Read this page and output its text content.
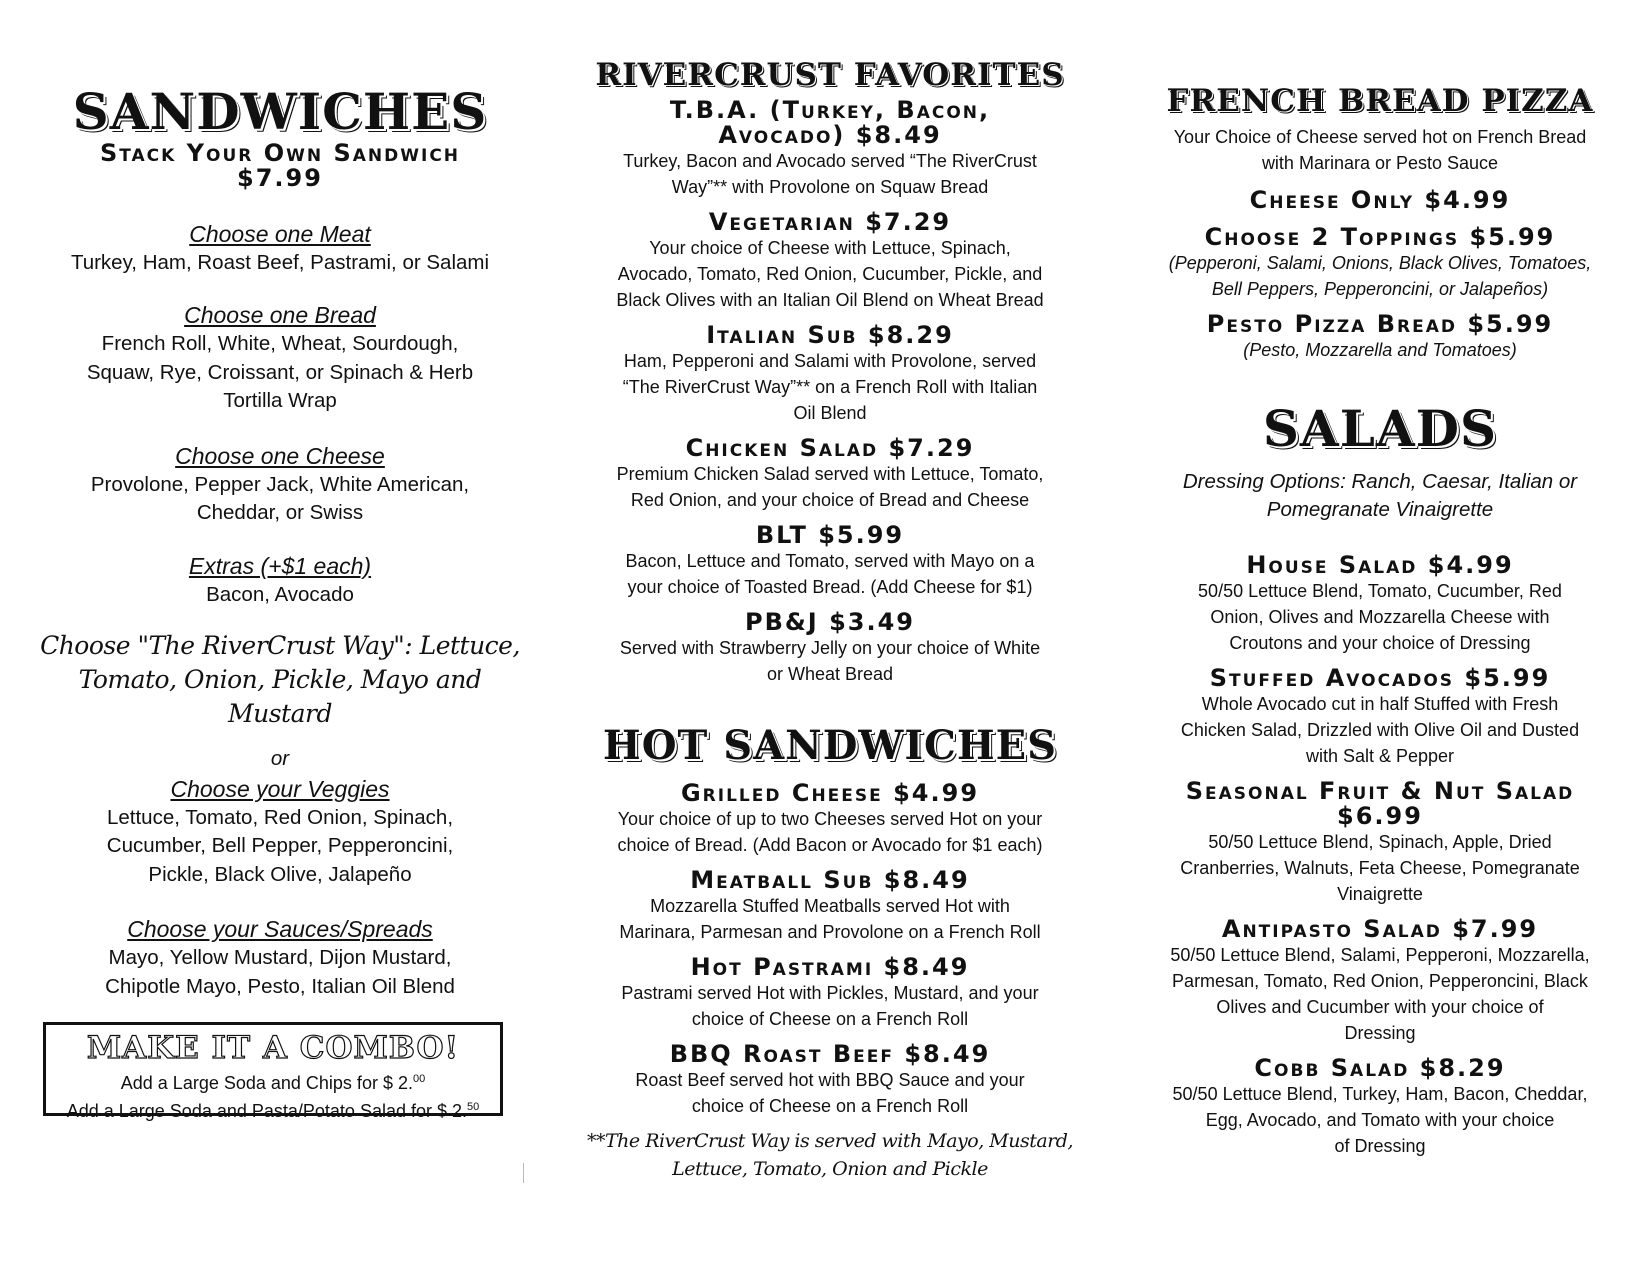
SANDWICHES
Stack Your Own Sandwich
$7.99
Choose one Meat
Turkey, Ham, Roast Beef, Pastrami, or Salami
Choose one Bread
French Roll, White, Wheat, Sourdough,
Squaw, Rye, Croissant, or Spinach & Herb
Tortilla Wrap
Choose one Cheese
Provolone, Pepper Jack, White American,
Cheddar, or Swiss
Extras (+$1 each)
Bacon, Avocado
Choose "The RiverCrust Way": Lettuce,
Tomato, Onion, Pickle, Mayo and Mustard
or
Choose your Veggies
Lettuce, Tomato, Red Onion, Spinach,
Cucumber, Bell Pepper, Pepperoncini,
Pickle, Black Olive, Jalapeño
Choose your Sauces/Spreads
Mayo, Yellow Mustard, Dijon Mustard,
Chipotle Mayo, Pesto, Italian Oil Blend
MAKE IT A COMBO!
Add a Large Soda and Chips for $ 2.00
Add a Large Soda and Pasta/Potato Salad for $ 2.50
RIVERCRUST FAVORITES
T.B.A. (Turkey, Bacon,
Avocado) $8.49
Turkey, Bacon and Avocado served “The RiverCrust
Way”** with Provolone on Squaw Bread
Vegetarian $7.29
Your choice of Cheese with Lettuce, Spinach,
Avocado, Tomato, Red Onion, Cucumber, Pickle, and
Black Olives with an Italian Oil Blend on Wheat Bread
Italian Sub $8.29
Ham, Pepperoni and Salami with Provolone, served
“The RiverCrust Way”** on a French Roll with Italian
Oil Blend
Chicken Salad $7.29
Premium Chicken Salad served with Lettuce, Tomato,
Red Onion, and your choice of Bread and Cheese
BLT $5.99
Bacon, Lettuce and Tomato, served with Mayo on a
your choice of Toasted Bread. (Add Cheese for $1)
PB&J $3.49
Served with Strawberry Jelly on your choice of White
or Wheat Bread
HOT SANDWICHES
Grilled Cheese $4.99
Your choice of up to two Cheeses served Hot on your
choice of Bread. (Add Bacon or Avocado for $1 each)
Meatball Sub $8.49
Mozzarella Stuffed Meatballs served Hot with
Marinara, Parmesan and Provolone on a French Roll
Hot Pastrami $8.49
Pastrami served Hot with Pickles, Mustard, and your
choice of Cheese on a French Roll
BBQ Roast Beef $8.49
Roast Beef served hot with BBQ Sauce and your
choice of Cheese on a French Roll
**The RiverCrust Way is served with Mayo, Mustard,
Lettuce, Tomato, Onion and Pickle
FRENCH BREAD PIZZA
Your Choice of Cheese served hot on French Bread
with Marinara or Pesto Sauce
Cheese Only $4.99
Choose 2 Toppings $5.99
(Pepperoni, Salami, Onions, Black Olives, Tomatoes,
Bell Peppers, Pepperoncini, or Jalapeños)
Pesto Pizza Bread $5.99
(Pesto, Mozzarella and Tomatoes)
SALADS
Dressing Options: Ranch, Caesar, Italian or
Pomegranate Vinaigrette
House Salad $4.99
50/50 Lettuce Blend, Tomato, Cucumber, Red
Onion, Olives and Mozzarella Cheese with
Croutons and your choice of Dressing
Stuffed Avocados $5.99
Whole Avocado cut in half Stuffed with Fresh
Chicken Salad, Drizzled with Olive Oil and Dusted
with Salt & Pepper
Seasonal Fruit & Nut Salad
$6.99
50/50 Lettuce Blend, Spinach, Apple, Dried
Cranberries, Walnuts, Feta Cheese, Pomegranate
Vinaigrette
Antipasto Salad $7.99
50/50 Lettuce Blend, Salami, Pepperoni, Mozzarella,
Parmesan, Tomato, Red Onion, Pepperoncini, Black
Olives and Cucumber with your choice of
Dressing
Cobb Salad $8.29
50/50 Lettuce Blend, Turkey, Ham, Bacon, Cheddar,
Egg, Avocado, and Tomato with your choice
of Dressing
